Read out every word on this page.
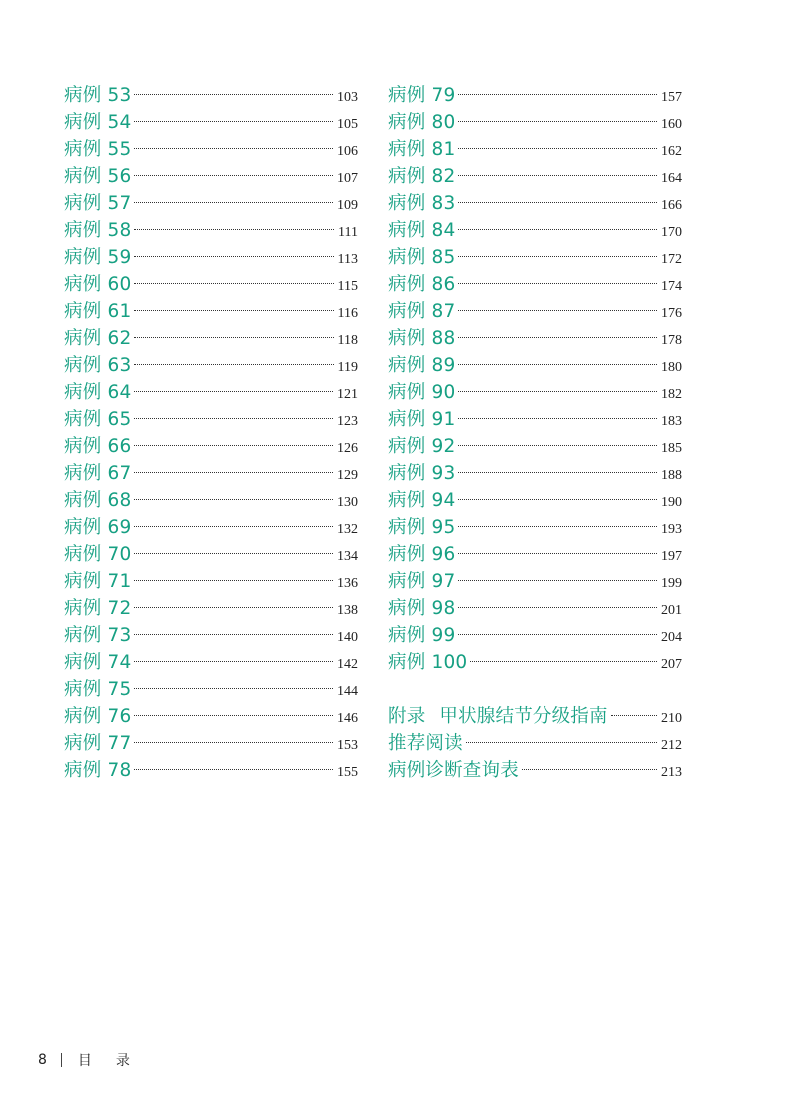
病例 53	103
病例 54	105
病例 55	106
病例 56	107
病例 57	109
病例 58	111
病例 59	113
病例 60	115
病例 61	116
病例 62	118
病例 63	119
病例 64	121
病例 65	123
病例 66	126
病例 67	129
病例 68	130
病例 69	132
病例 70	134
病例 71	136
病例 72	138
病例 73	140
病例 74	142
病例 75	144
病例 76	146
病例 77	153
病例 78	155
病例 79	157
病例 80	160
病例 81	162
病例 82	164
病例 83	166
病例 84	170
病例 85	172
病例 86	174
病例 87	176
病例 88	178
病例 89	180
病例 90	182
病例 91	183
病例 92	185
病例 93	188
病例 94	190
病例 95	193
病例 96	197
病例 97	199
病例 98	201
病例 99	204
病例 100	207
附录 甲状腺结节分级指南	210
推荐阅读	212
病例诊断查询表	213
8 目录
